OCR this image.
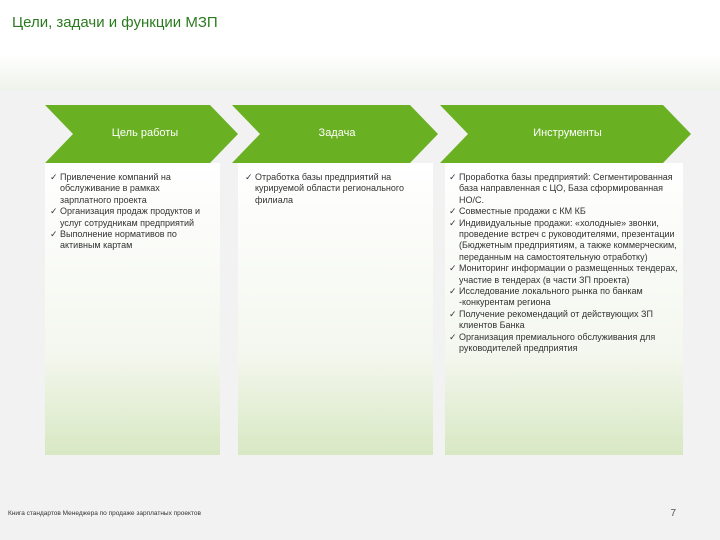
Цели, задачи и функции МЗП
Цель работы	Задача	Инструменты
✓ Привлечение компаний на обслуживание в рамках зарплатного проекта
✓ Организация продаж продуктов и услуг сотрудникам предприятий
✓ Выполнение нормативов по активным картам
✓ Отработка базы предприятий на курируемой области регионального филиала
✓ Проработка базы предприятий: Сегментированная база направленная с ЦО, База сформированная НО/С.
✓ Совместные продажи с КМ КБ
✓ Индивидуальные продажи: «холодные» звонки, проведение встреч с руководителями, презентации (Бюджетным предприятиям, а также коммерческим, переданным на самостоятельную отработку)
✓ Мониторинг информации о размещенных тендерах, участие в тендерах (в части ЗП проекта)
✓ Исследование локального рынка по банкам -конкурентам региона
✓ Получение рекомендаций от действующих ЗП клиентов Банка
✓ Организация премиального обслуживания для руководителей предприятия
Книга стандартов Менеджера по продаже зарплатных проектов	7
